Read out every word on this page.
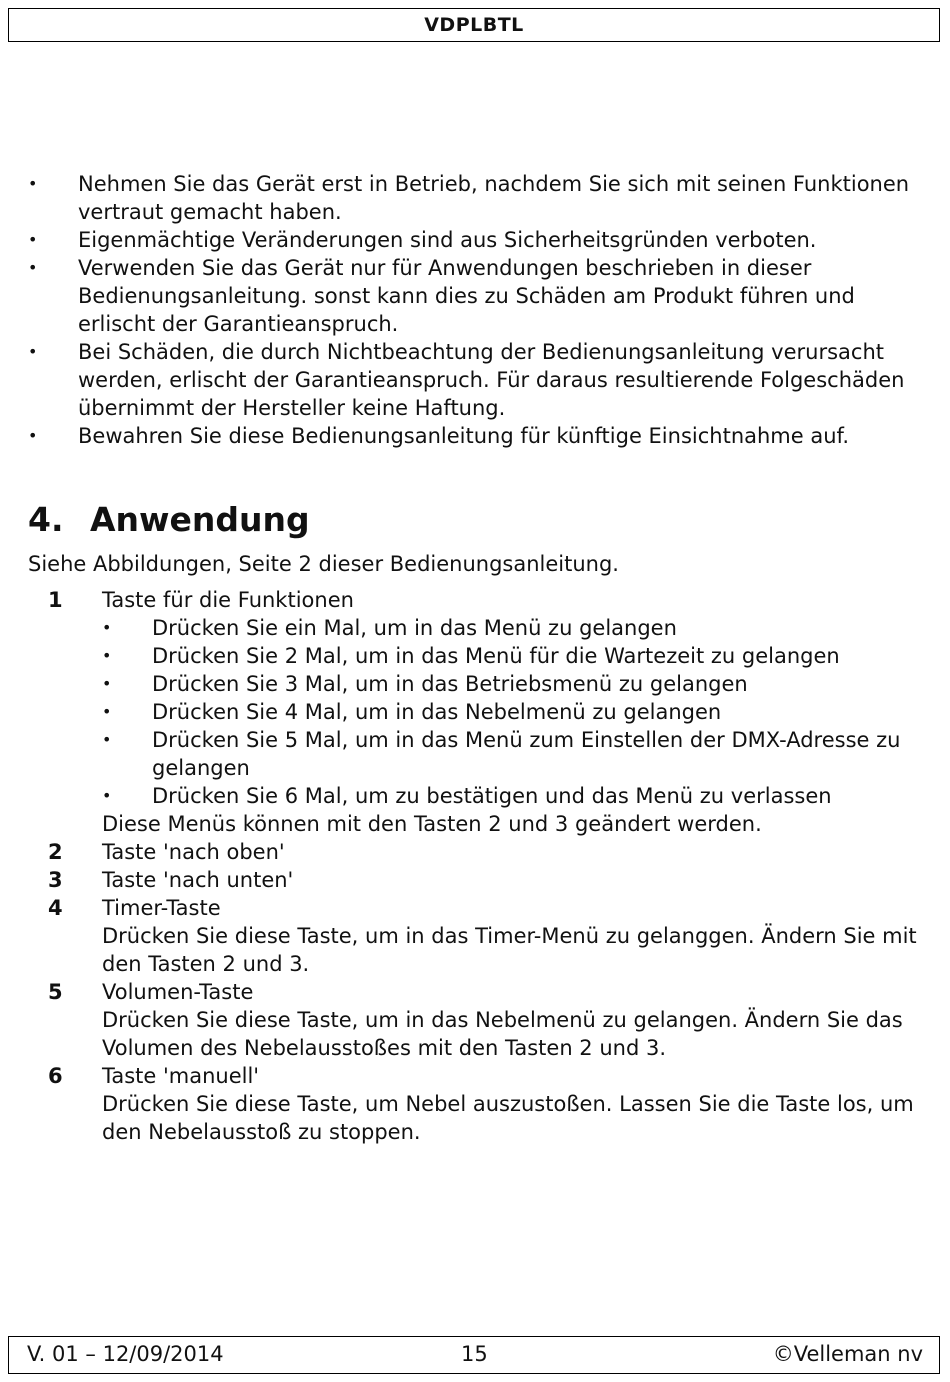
VDPLBTL
•	Nehmen Sie das Gerät erst in Betrieb, nachdem Sie sich mit seinen Funktionen vertraut gemacht haben.
•	Eigenmächtige Veränderungen sind aus Sicherheitsgründen verboten.
•	Verwenden Sie das Gerät nur für Anwendungen beschrieben in dieser Bedienungsanleitung. sonst kann dies zu Schäden am Produkt führen und erlischt der Garantieanspruch.
•	Bei Schäden, die durch Nichtbeachtung der Bedienungsanleitung verursacht werden, erlischt der Garantieanspruch. Für daraus resultierende Folgeschäden übernimmt der Hersteller keine Haftung.
•	Bewahren Sie diese Bedienungsanleitung für künftige Einsichtnahme auf.
4. Anwendung
Siehe Abbildungen, Seite 2 dieser Bedienungsanleitung.
1 Taste für die Funktionen
•	Drücken Sie ein Mal, um in das Menü zu gelangen
•	Drücken Sie 2 Mal, um in das Menü für die Wartezeit zu gelangen
•	Drücken Sie 3 Mal, um in das Betriebsmenü zu gelangen
•	Drücken Sie 4 Mal, um in das Nebelmenü zu gelangen
•	Drücken Sie 5 Mal, um in das Menü zum Einstellen der DMX-Adresse zu gelangen
•	Drücken Sie 6 Mal, um zu bestätigen und das Menü zu verlassen
Diese Menüs können mit den Tasten 2 und 3 geändert werden.
2 Taste 'nach oben'
3 Taste 'nach unten'
4 Timer-Taste
Drücken Sie diese Taste, um in das Timer-Menü zu gelanggen. Ändern Sie mit den Tasten 2 und 3.
5 Volumen-Taste
Drücken Sie diese Taste, um in das Nebelmenü zu gelangen. Ändern Sie das Volumen des Nebelausstoßes mit den Tasten 2 und 3.
6 Taste 'manuell'
Drücken Sie diese Taste, um Nebel auszustoßen. Lassen Sie die Taste los, um den Nebelausstoß zu stoppen.
V. 01 – 12/09/2014	15	©Velleman nv
